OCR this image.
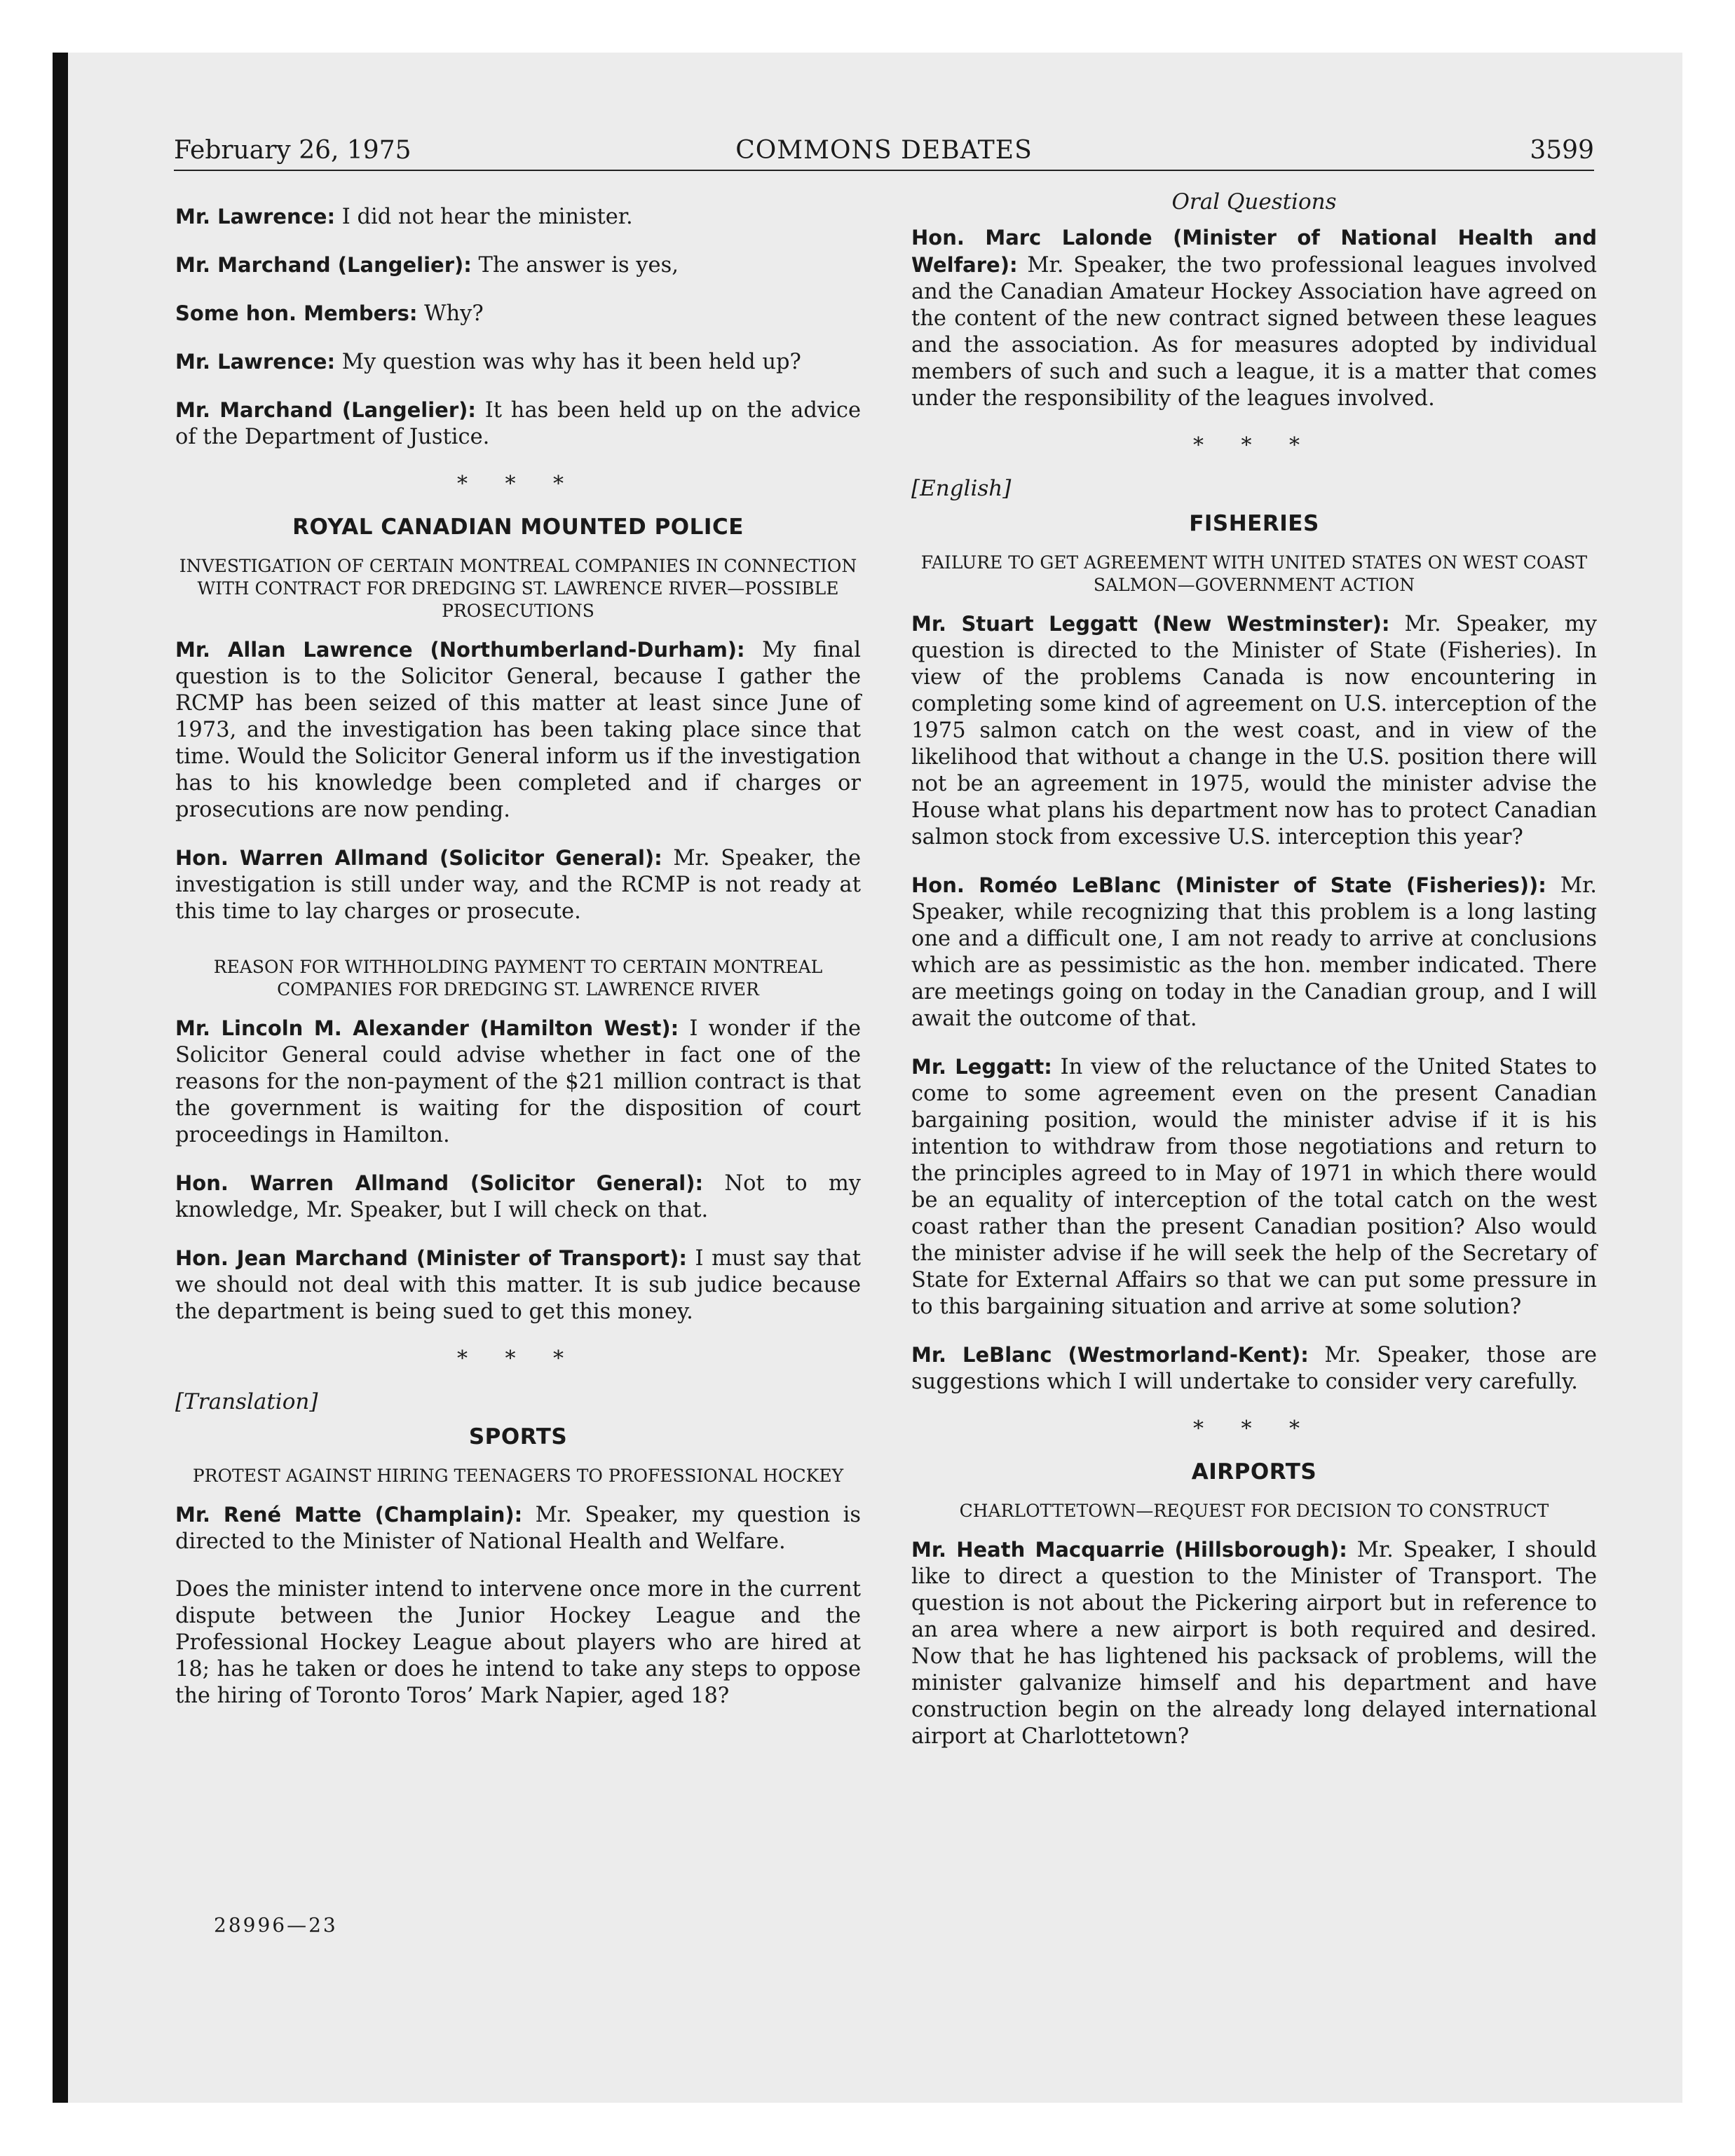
February 26, 1975	COMMONS DEBATES	3599

Mr. Lawrence: I did not hear the minister.

Mr. Marchand (Langelier): The answer is yes,

Some hon. Members: Why?

Mr. Lawrence: My question was why has it been held up?

Mr. Marchand (Langelier): It has been held up on the advice of the Department of Justice.

* * *
ROYAL CANADIAN MOUNTED POLICE
INVESTIGATION OF CERTAIN MONTREAL COMPANIES IN CONNECTION WITH CONTRACT FOR DREDGING ST. LAWRENCE RIVER—POSSIBLE PROSECUTIONS

Mr. Allan Lawrence (Northumberland-Durham): My final question is to the Solicitor General, because I gather the RCMP has been seized of this matter at least since June of 1973, and the investigation has been taking place since that time. Would the Solicitor General inform us if the investigation has to his knowledge been completed and if charges or prosecutions are now pending.

Hon. Warren Allmand (Solicitor General): Mr. Speaker, the investigation is still under way, and the RCMP is not ready at this time to lay charges or prosecute.

REASON FOR WITHHOLDING PAYMENT TO CERTAIN MONTREAL COMPANIES FOR DREDGING ST. LAWRENCE RIVER

Mr. Lincoln M. Alexander (Hamilton West): I wonder if the Solicitor General could advise whether in fact one of the reasons for the non-payment of the $21 million contract is that the government is waiting for the disposition of court proceedings in Hamilton.

Hon. Warren Allmand (Solicitor General): Not to my knowledge, Mr. Speaker, but I will check on that.

Hon. Jean Marchand (Minister of Transport): I must say that we should not deal with this matter. It is sub judice because the department is being sued to get this money.

* * *
[Translation]
SPORTS
PROTEST AGAINST HIRING TEENAGERS TO PROFESSIONAL HOCKEY

Mr. René Matte (Champlain): Mr. Speaker, my question is directed to the Minister of National Health and Welfare.

Does the minister intend to intervene once more in the current dispute between the Junior Hockey League and the Professional Hockey League about players who are hired at 18; has he taken or does he intend to take any steps to oppose the hiring of Toronto Toros’ Mark Napier, aged 18?

Oral Questions

Hon. Marc Lalonde (Minister of National Health and Welfare): Mr. Speaker, the two professional leagues involved and the Canadian Amateur Hockey Association have agreed on the content of the new contract signed between these leagues and the association. As for measures adopted by individual members of such and such a league, it is a matter that comes under the responsibility of the leagues involved.

* * *
[English]
FISHERIES
FAILURE TO GET AGREEMENT WITH UNITED STATES ON WEST COAST SALMON—GOVERNMENT ACTION

Mr. Stuart Leggatt (New Westminster): Mr. Speaker, my question is directed to the Minister of State (Fisheries). In view of the problems Canada is now encountering in completing some kind of agreement on U.S. interception of the 1975 salmon catch on the west coast, and in view of the likelihood that without a change in the U.S. position there will not be an agreement in 1975, would the minister advise the House what plans his department now has to protect Canadian salmon stock from excessive U.S. interception this year?

Hon. Roméo LeBlanc (Minister of State (Fisheries)): Mr. Speaker, while recognizing that this problem is a long lasting one and a difficult one, I am not ready to arrive at conclusions which are as pessimistic as the hon. member indicated. There are meetings going on today in the Canadian group, and I will await the outcome of that.

Mr. Leggatt: In view of the reluctance of the United States to come to some agreement even on the present Canadian bargaining position, would the minister advise if it is his intention to withdraw from those negotiations and return to the principles agreed to in May of 1971 in which there would be an equality of interception of the total catch on the west coast rather than the present Canadian position? Also would the minister advise if he will seek the help of the Secretary of State for External Affairs so that we can put some pressure in to this bargaining situation and arrive at some solution?

Mr. LeBlanc (Westmorland-Kent): Mr. Speaker, those are suggestions which I will undertake to consider very carefully.

* * *
AIRPORTS
CHARLOTTETOWN—REQUEST FOR DECISION TO CONSTRUCT

Mr. Heath Macquarrie (Hillsborough): Mr. Speaker, I should like to direct a question to the Minister of Transport. The question is not about the Pickering airport but in reference to an area where a new airport is both required and desired. Now that he has lightened his packsack of problems, will the minister galvanize himself and his department and have construction begin on the already long delayed international airport at Charlottetown?

28996—23
